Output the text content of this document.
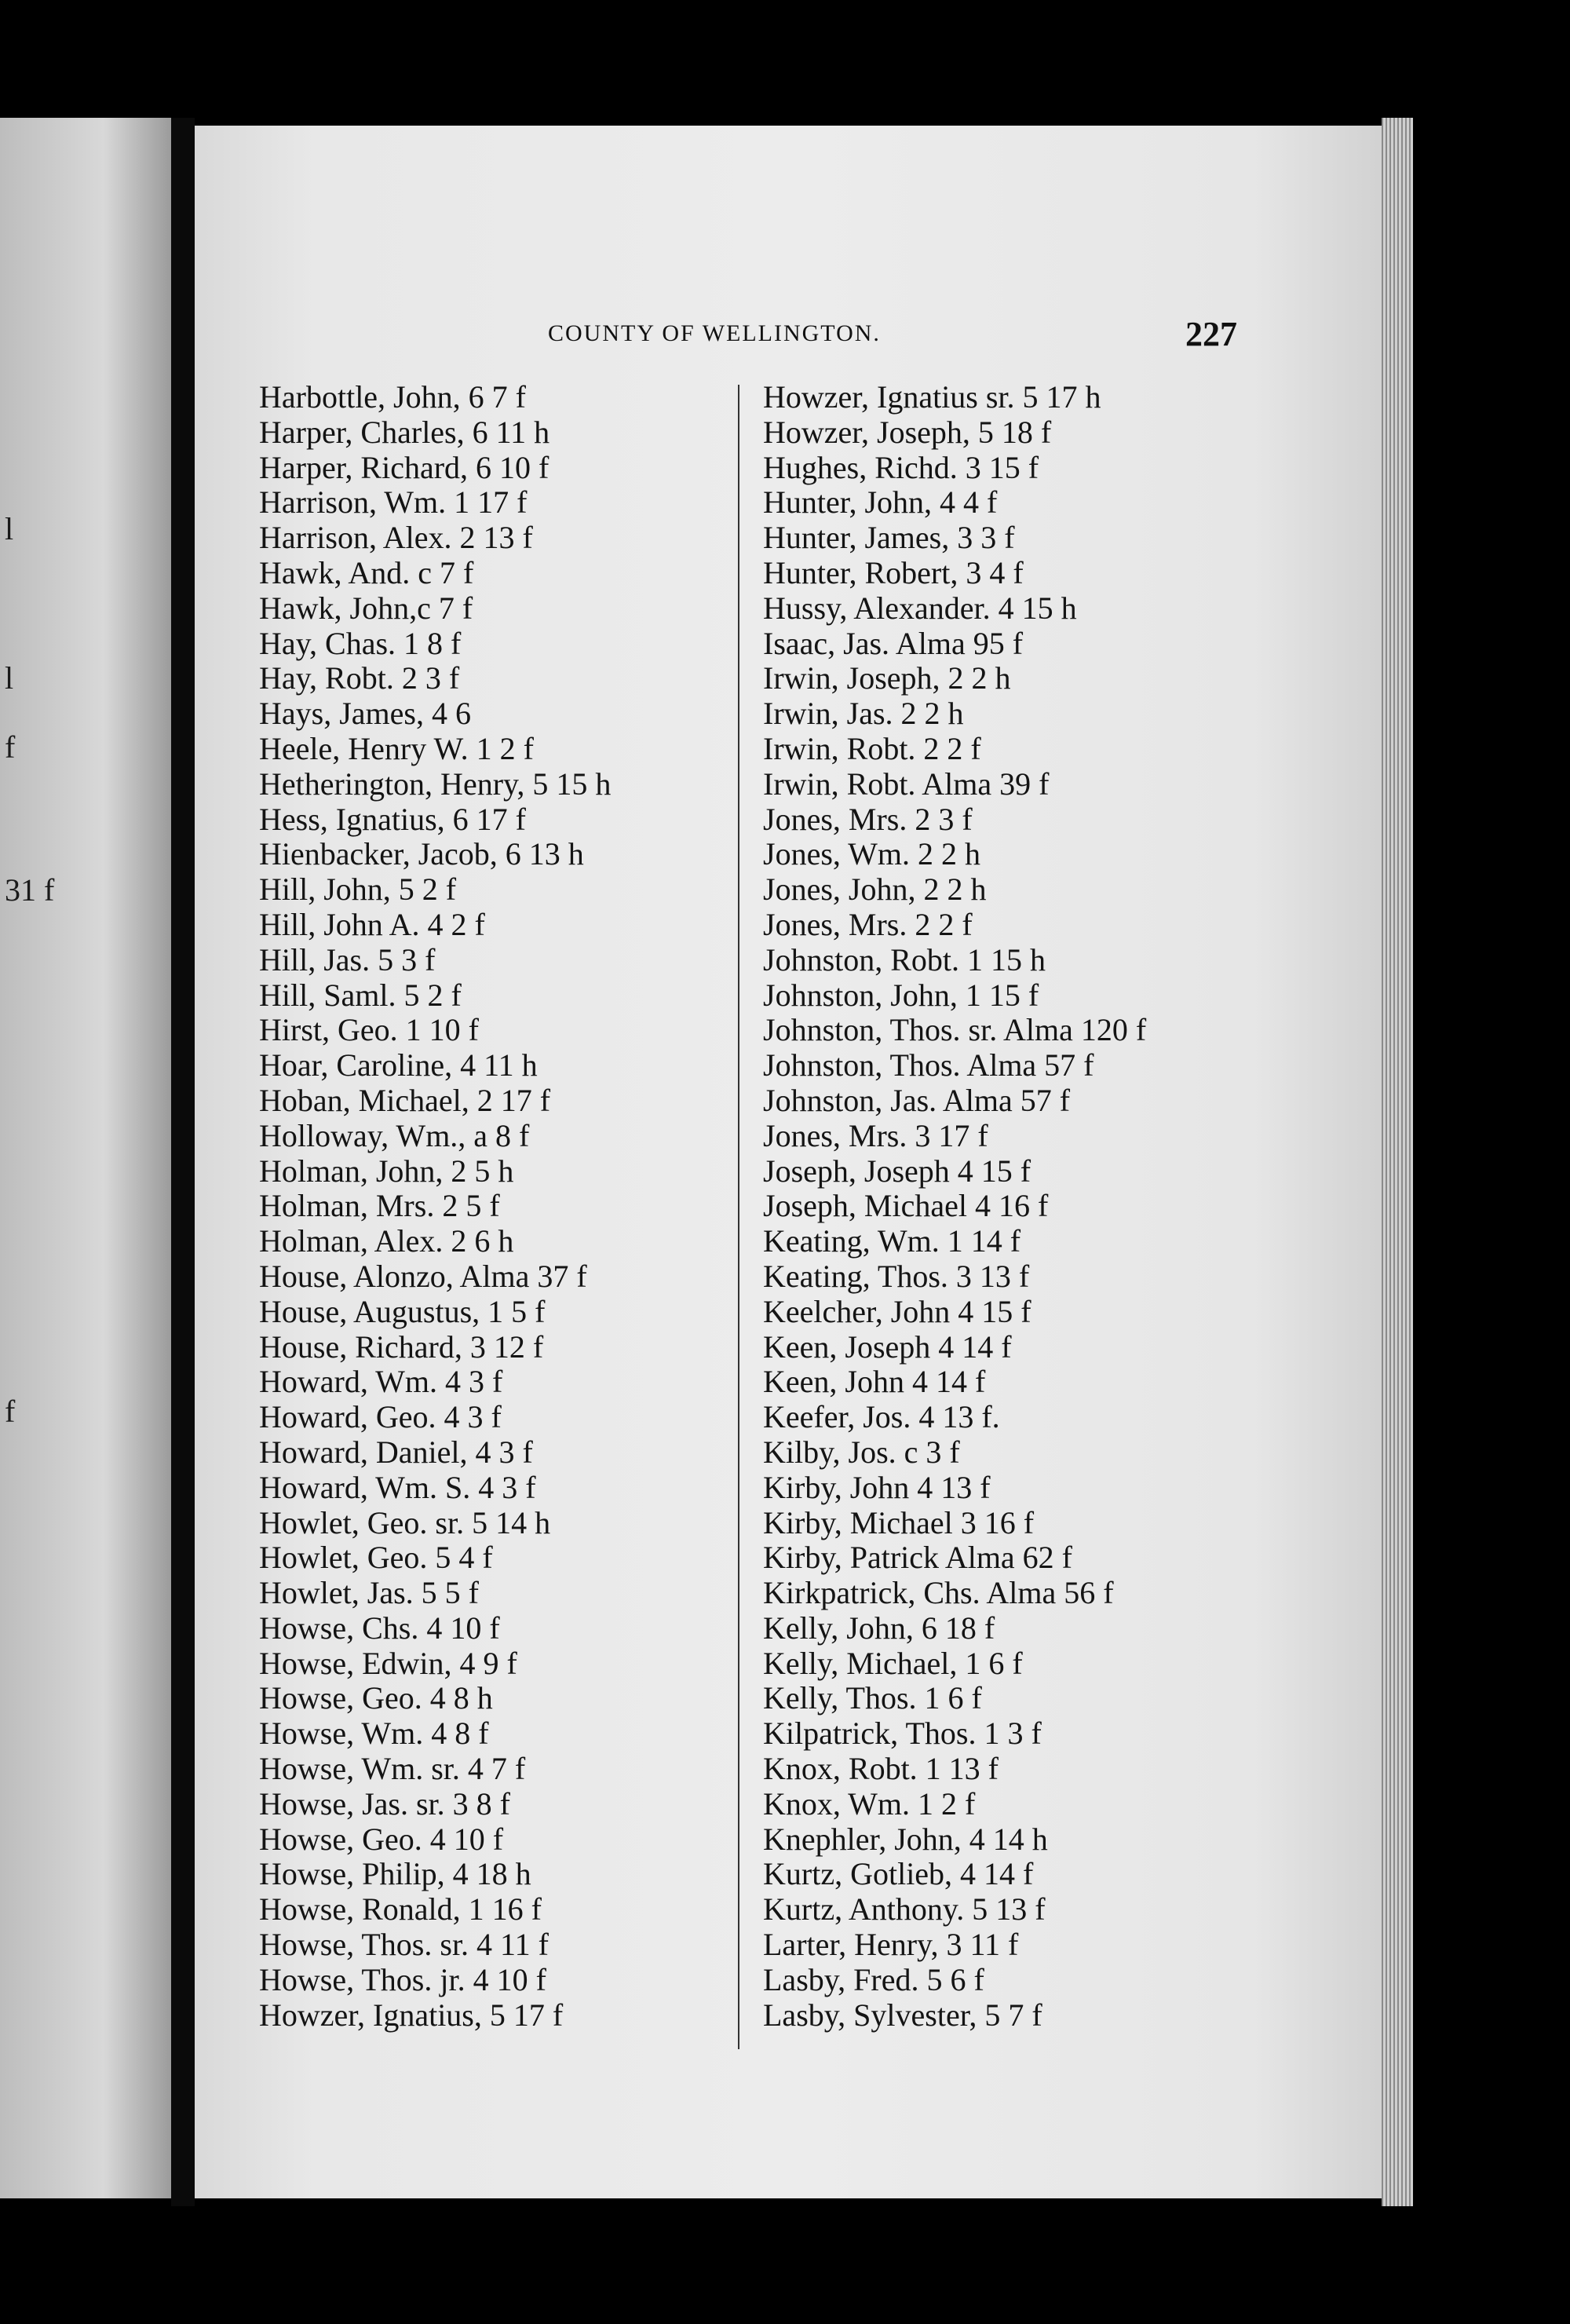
l
l
f
31 f
f
COUNTY OF WELLINGTON.	227
Harbottle, John, 6 7 f
Harper, Charles, 6 11 h
Harper, Richard, 6 10 f
Harrison, Wm. 1 17 f
Harrison, Alex. 2 13 f
Hawk, And. c 7 f
Hawk, John,c 7 f
Hay, Chas. 1 8 f
Hay, Robt. 2 3 f
Hays, James, 4 6
Heele, Henry W. 1 2 f
Hetherington, Henry, 5 15 h
Hess, Ignatius, 6 17 f
Hienbacker, Jacob, 6 13 h
Hill, John, 5 2 f
Hill, John A. 4 2 f
Hill, Jas. 5 3 f
Hill, Saml. 5 2 f
Hirst, Geo. 1 10 f
Hoar, Caroline, 4 11 h
Hoban, Michael, 2 17 f
Holloway, Wm., a 8 f
Holman, John, 2 5 h
Holman, Mrs. 2 5 f
Holman, Alex. 2 6 h
House, Alonzo, Alma 37 f
House, Augustus, 1 5 f
House, Richard, 3 12 f
Howard, Wm. 4 3 f
Howard, Geo. 4 3 f
Howard, Daniel, 4 3 f
Howard, Wm. S. 4 3 f
Howlet, Geo. sr. 5 14 h
Howlet, Geo. 5 4 f
Howlet, Jas. 5 5 f
Howse, Chs. 4 10 f
Howse, Edwin, 4 9 f
Howse, Geo. 4 8 h
Howse, Wm. 4 8 f
Howse, Wm. sr. 4 7 f
Howse, Jas. sr. 3 8 f
Howse, Geo. 4 10 f
Howse, Philip, 4 18 h
Howse, Ronald, 1 16 f
Howse, Thos. sr. 4 11 f
Howse, Thos. jr. 4 10 f
Howzer, Ignatius, 5 17 f
Howzer, Ignatius sr. 5 17 h
Howzer, Joseph, 5 18 f
Hughes, Richd. 3 15 f
Hunter, John, 4 4 f
Hunter, James, 3 3 f
Hunter, Robert, 3 4 f
Hussy, Alexander. 4 15 h
Isaac, Jas. Alma 95 f
Irwin, Joseph, 2 2 h
Irwin, Jas. 2 2 h
Irwin, Robt. 2 2 f
Irwin, Robt. Alma 39 f
Jones, Mrs. 2 3 f
Jones, Wm. 2 2 h
Jones, John, 2 2 h
Jones, Mrs. 2 2 f
Johnston, Robt. 1 15 h
Johnston, John, 1 15 f
Johnston, Thos. sr. Alma 120 f
Johnston, Thos. Alma 57 f
Johnston, Jas. Alma 57 f
Jones, Mrs. 3 17 f
Joseph, Joseph 4 15 f
Joseph, Michael 4 16 f
Keating, Wm. 1 14 f
Keating, Thos. 3 13 f
Keelcher, John 4 15 f
Keen, Joseph 4 14 f
Keen, John 4 14 f
Keefer, Jos. 4 13 f.
Kilby, Jos. c 3 f
Kirby, John 4 13 f
Kirby, Michael 3 16 f
Kirby, Patrick Alma 62 f
Kirkpatrick, Chs. Alma 56 f
Kelly, John, 6 18 f
Kelly, Michael, 1 6 f
Kelly, Thos. 1 6 f
Kilpatrick, Thos. 1 3 f
Knox, Robt. 1 13 f
Knox, Wm. 1 2 f
Knephler, John, 4 14 h
Kurtz, Gotlieb, 4 14 f
Kurtz, Anthony. 5 13 f
Larter, Henry, 3 11 f
Lasby, Fred. 5 6 f
Lasby, Sylvester, 5 7 f
